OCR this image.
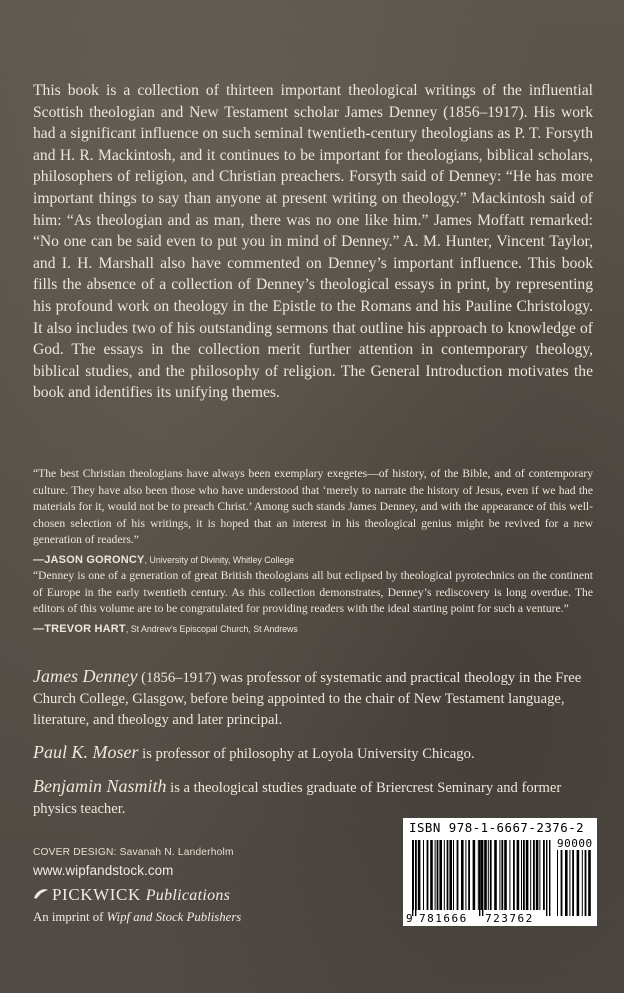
This book is a collection of thirteen important theological writings of the influential Scottish theologian and New Testament scholar James Denney (1856–1917). His work had a significant influence on such seminal twentieth-century theologians as P. T. Forsyth and H. R. Mackintosh, and it continues to be important for theologians, biblical scholars, philosophers of religion, and Christian preachers. Forsyth said of Denney: “He has more important things to say than anyone at present writing on theology.” Mackintosh said of him: “As theologian and as man, there was no one like him.” James Moffatt remarked: “No one can be said even to put you in mind of Denney.” A. M. Hunter, Vincent Taylor, and I. H. Marshall also have commented on Denney’s important influence. This book fills the absence of a collection of Denney’s theological essays in print, by representing his profound work on theology in the Epistle to the Romans and his Pauline Christology. It also includes two of his outstanding sermons that outline his approach to knowledge of God. The essays in the collection merit further attention in contemporary theology, biblical studies, and the philosophy of religion. The General Introduction motivates the book and identifies its unifying themes.

“The best Christian theologians have always been exemplary exegetes—of history, of the Bible, and of contemporary culture. They have also been those who have understood that ‘merely to narrate the history of Jesus, even if we had the materials for it, would not be to preach Christ.’ Among such stands James Denney, and with the appearance of this well-chosen selection of his writings, it is hoped that an interest in his theological genius might be revived for a new generation of readers.”

—JASON GORONCY, University of Divinity, Whitley College

“Denney is one of a generation of great British theologians all but eclipsed by theological pyrotechnics on the continent of Europe in the early twentieth century. As this collection demonstrates, Denney’s rediscovery is long overdue. The editors of this volume are to be congratulated for providing readers with the ideal starting point for such a venture.”

—TREVOR HART, St Andrew’s Episcopal Church, St Andrews

James Denney (1856–1917) was professor of systematic and practical theology in the Free Church College, Glasgow, before being appointed to the chair of New Testament language, literature, and theology and later principal.

Paul K. Moser is professor of philosophy at Loyola University Chicago.

Benjamin Nasmith is a theological studies graduate of Briercrest Seminary and former physics teacher.

COVER DESIGN: Savanah N. Landerholm

www.wipfandstock.com

PICKWICK Publications
An imprint of Wipf and Stock Publishers
ISBN 978-1-6667-2376-2
9 781666 723762
90000
